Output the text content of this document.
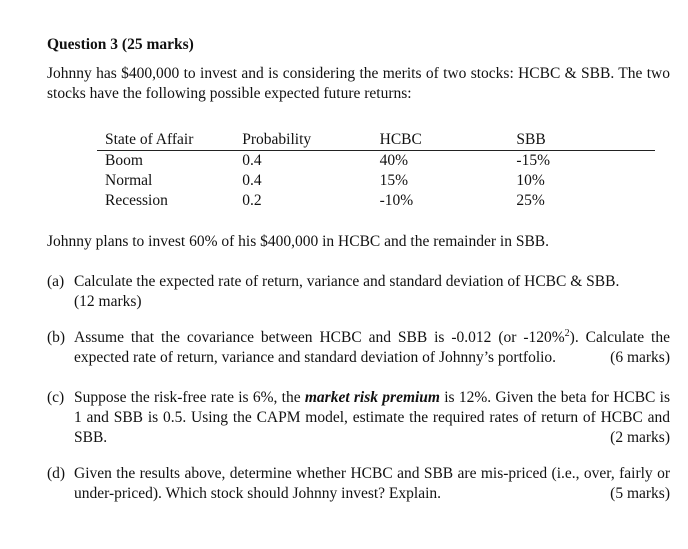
Question 3 (25 marks)
Johnny has $400,000 to invest and is considering the merits of two stocks: HCBC & SBB. The two stocks have the following possible expected future returns:
State of Affair	Probability	HCBC	SBB
Boom	0.4	40%	-15%
Normal	0.4	15%	10%
Recession	0.2	-10%	25%
Johnny plans to invest 60% of his $400,000 in HCBC and the remainder in SBB.
(a) Calculate the expected rate of return, variance and standard deviation of HCBC & SBB.
(12 marks)
(b) Assume that the covariance between HCBC and SBB is -0.012 (or -120%$^2$). Calculate the expected rate of return, variance and standard deviation of Johnny’s portfolio.	(6 marks)
(c) Suppose the risk-free rate is 6%, the market risk premium is 12%. Given the beta for HCBC is 1 and SBB is 0.5. Using the CAPM model, estimate the required rates of return of HCBC and SBB.	(2 marks)
(d) Given the results above, determine whether HCBC and SBB are mis-priced (i.e., over, fairly or under-priced). Which stock should Johnny invest? Explain.	(5 marks)
